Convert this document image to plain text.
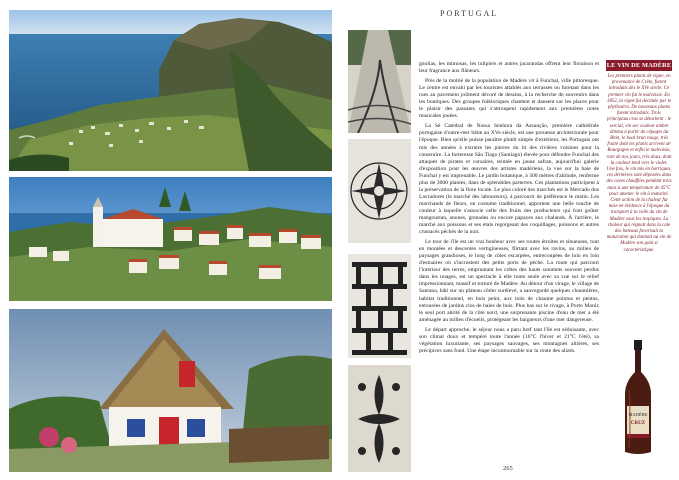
PORTUGAL

gnolias, les mimosas, les tulipiers et autres jacarandas offrent leur floraison et leur fragrance aux flâneurs.

Près de la moitié de la population de Madère vit à Funchal, ville pittoresque. Le centre est envahi par les touristes attablés aux terrasses ou furetant dans les rues au pavement joliment décoré de dessins, à la recherche de souvenirs dans les boutiques. Des groupes folkloriques chantent et dansent sur les places pour le plaisir des passants qui s'attroupent rapidement aux premières notes musicales jouées.

La Sé Catedral de Nossa Senhora da Assunção, première cathédrale portugaise d'outre-mer bâtie au XVe siècle, est une prouesse architecturale pour l'époque. Bien qu'elle puisse paraître plutôt simple d'extérieur, les Portugais ont mis des années à extraire les pierres du lit des rivières voisines pour la construire. La forteresse São Tiago (Santiago) élevée pour défendre Funchal des attaques de pirates et corsaires, teintée en jaune safran, aujourd'hui galerie d'exposition pour les œuvres des artistes madériens, la vue sur la baie de Funchal y est imprenable. Le jardin botanique, à 300 mètres d'altitude, renferme plus de 3000 plantes, dans de splendides parterres. Ces plantations participent à la préservation de la flore locale. Le plus coloré des marchés est le Mercado dos Lavradores (le marché des laboureurs), à parcourir de préférence le matin. Les marchands de fleurs, en costume traditionnel, apportent une belle touche de couleur à laquelle s'associe celle des fruits des producteurs qui font goûter mangoustan, anones, grenades ou encore papayes aux chalands. À l'arrière, le marché aux poissons et ses étals regorgeant des coquillages, poissons et autres crustacés pêchés de la nuit.

Le tour de l'île est un vrai bonheur avec ses routes étroites et sinueuses, tout en montées et descentes vertigineuses, flirtant avec les ravins, au milieu de paysages grandioses, le long de côtes escarpées, entrecoupées de loin en loin d'estuaires où s'incrustent des petits ports de pêche. La route qui parcourt l'intérieur des terres, empruntant les crêtes des hauts sommets souvent perdus dans les nuages, est un spectacle à elle toute seule avec sa vue sur le relief impressionnant, massif et torturé de Madère. Au détour d'un virage, le village de Santana, bâti sur un plateau côtier surélevé, a sauvegardé quelques chaumières, habitat traditionnel, en bois peint, aux toits de chaume pointus et pentus, entourées de jardins clos de haies de buis. Plus bas sur le rivage, à Porto Moniz le seul port abrité de la côte nord, une surprenante piscine d'eau de mer a été aménagée au milieu d'écueils, protégeant les baigneurs d'une mer dangereuse.

Le départ approche, le séjour nous a paru bref tant l'île est séduisante, avec son climat doux et tempéré toute l'année (16°C l'hiver et 21°C l'été), sa végétation luxuriante, ses paysages sauvages, ses montagnes altières, ses précipices sans fond. Une étape incontournable sur la route des alizés.

LE VIN DE MADÈRE
Les premiers plants de vigne, en provenance de Crète, furent introduits dès le XVe siècle. Ce premier vin fut le malvoisie. En 1852, la vigne fut décimée par le phylloxéra. De nouveaux plants furent introduits. Trois principaux crus se détachent : le sercial, vin sec couleur ambre obtenu à partir de cépages du Rhin, le boal brun rouge, très fruité dont les plants arrivent de Bourgogne et enfin le malvoisie, rare de nos jours, très doux, dont la couleur tend vers le violet. Une fois, le vin mis en barriques, ces dernières sont déposées dans des caves chauffées pendant trois mois à une température de 45°C pour amener le vin à maturité. Cette action de la chaleur fut mise en évidence à l'époque du transport à la voile du vin de Madère sous les tropiques. La chaleur qui régnait dans la cale des bateaux favorisait la maturation qui donnait au vin de Madère son goût si caractéristique.
MADÈRE
CRUZ
265
